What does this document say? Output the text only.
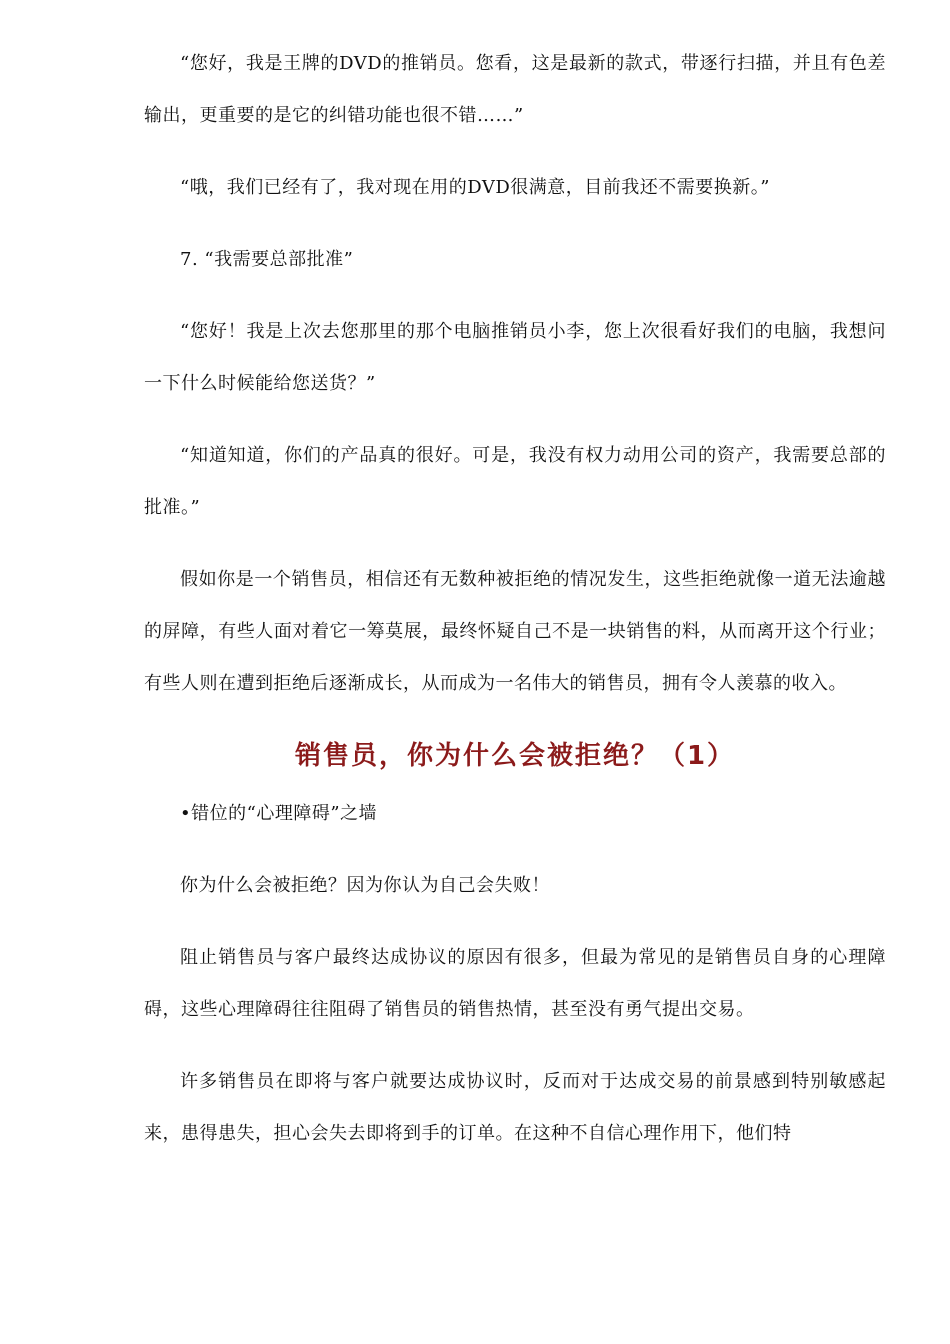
“您好，我是王牌的DVD的推销员。您看，这是最新的款式，带逐行扫描，并且有色差输出，更重要的是它的纠错功能也很不错……”

“哦，我们已经有了，我对现在用的DVD很满意，目前我还不需要换新。”

7. “我需要总部批准”

“您好！我是上次去您那里的那个电脑推销员小李，您上次很看好我们的电脑，我想问一下什么时候能给您送货？”

“知道知道，你们的产品真的很好。可是，我没有权力动用公司的资产，我需要总部的批准。”

假如你是一个销售员，相信还有无数种被拒绝的情况发生，这些拒绝就像一道无法逾越的屏障，有些人面对着它一筹莫展，最终怀疑自己不是一块销售的料，从而离开这个行业；有些人则在遭到拒绝后逐渐成长，从而成为一名伟大的销售员，拥有令人羡慕的收入。

销售员，你为什么会被拒绝？（1）

•错位的“心理障碍”之墙

你为什么会被拒绝？因为你认为自己会失败！

阻止销售员与客户最终达成协议的原因有很多，但最为常见的是销售员自身的心理障碍，这些心理障碍往往阻碍了销售员的销售热情，甚至没有勇气提出交易。

许多销售员在即将与客户就要达成协议时，反而对于达成交易的前景感到特别敏感起来，患得患失，担心会失去即将到手的订单。在这种不自信心理作用下，他们特
